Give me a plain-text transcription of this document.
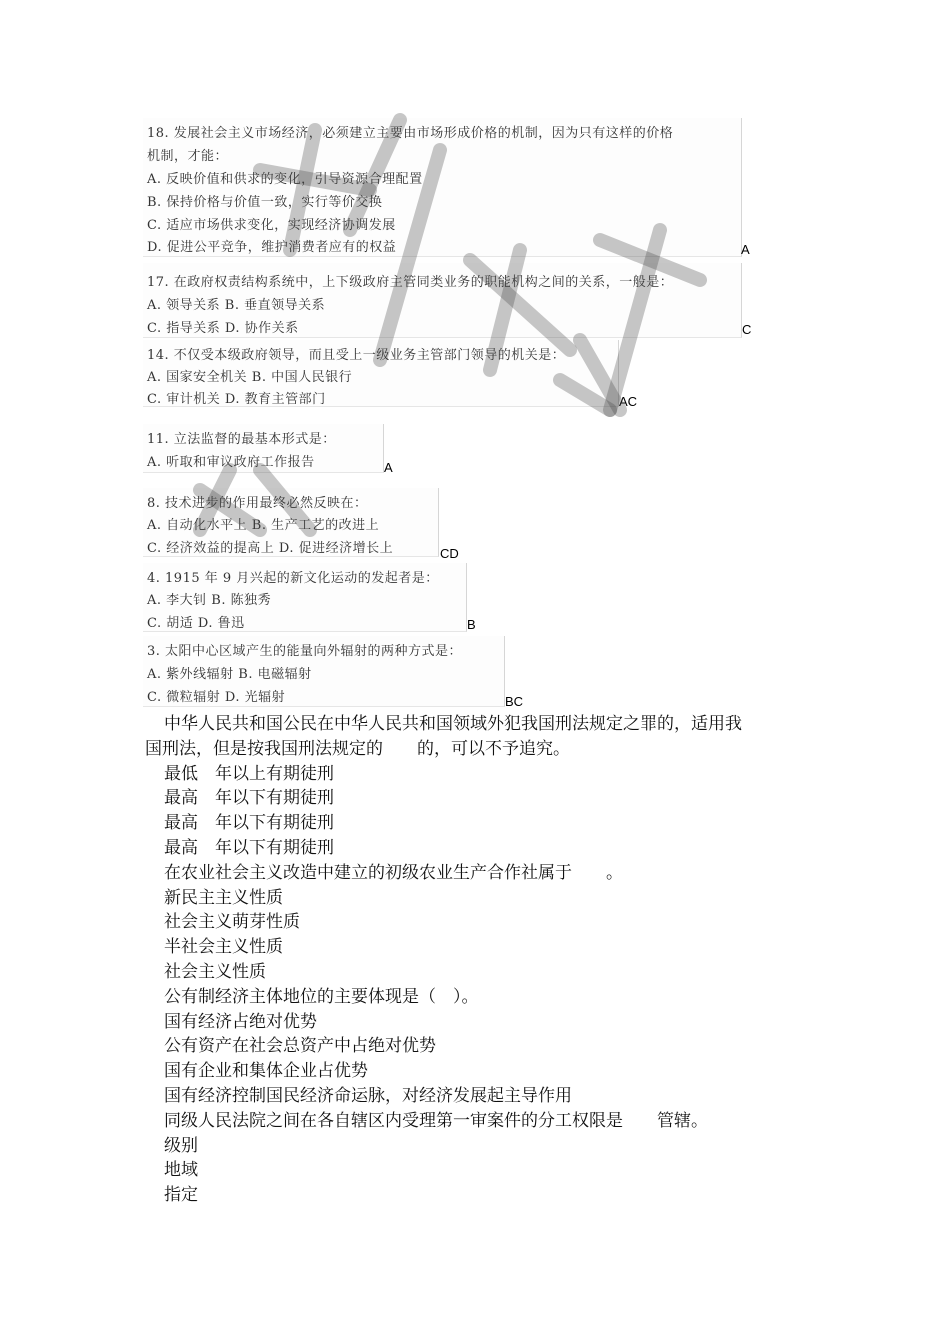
18. 发展社会主义市场经济，必须建立主要由市场形成价格的机制，因为只有这样的价格
机制，才能：
A. 反映价值和供求的变化，引导资源合理配置
B. 保持价格与价值一致，实行等价交换
C. 适应市场供求变化，实现经济协调发展
D. 促进公平竞争，维护消费者应有的权益	A
17. 在政府权责结构系统中，上下级政府主管同类业务的职能机构之间的关系，一般是：
A. 领导关系 B. 垂直领导关系
C. 指导关系 D. 协作关系	C
14. 不仅受本级政府领导，而且受上一级业务主管部门领导的机关是：
A. 国家安全机关 B. 中国人民银行
C. 审计机关 D. 教育主管部门	AC
11. 立法监督的最基本形式是：
A. 听取和审议政府工作报告	A
8. 技术进步的作用最终必然反映在：
A. 自动化水平上 B. 生产工艺的改进上
C. 经济效益的提高上 D. 促进经济增长上	CD
4. 1915 年 9 月兴起的新文化运动的发起者是：
A. 李大钊 B. 陈独秀
C. 胡适 D. 鲁迅	B
3. 太阳中心区域产生的能量向外辐射的两种方式是：
A. 紫外线辐射 B. 电磁辐射
C. 微粒辐射 D. 光辐射	BC
中华人民共和国公民在中华人民共和国领域外犯我国刑法规定之罪的，适用我
国刑法，但是按我国刑法规定的　　的，可以不予追究。
最低　年以上有期徒刑
最高　年以下有期徒刑
最高　年以下有期徒刑
最高　年以下有期徒刑
在农业社会主义改造中建立的初级农业生产合作社属于　　。
新民主主义性质
社会主义萌芽性质
半社会主义性质
社会主义性质
公有制经济主体地位的主要体现是（　）。
国有经济占绝对优势
公有资产在社会总资产中占绝对优势
国有企业和集体企业占优势
国有经济控制国民经济命运脉，对经济发展起主导作用
同级人民法院之间在各自辖区内受理第一审案件的分工权限是　　管辖。
级别
地域
指定
